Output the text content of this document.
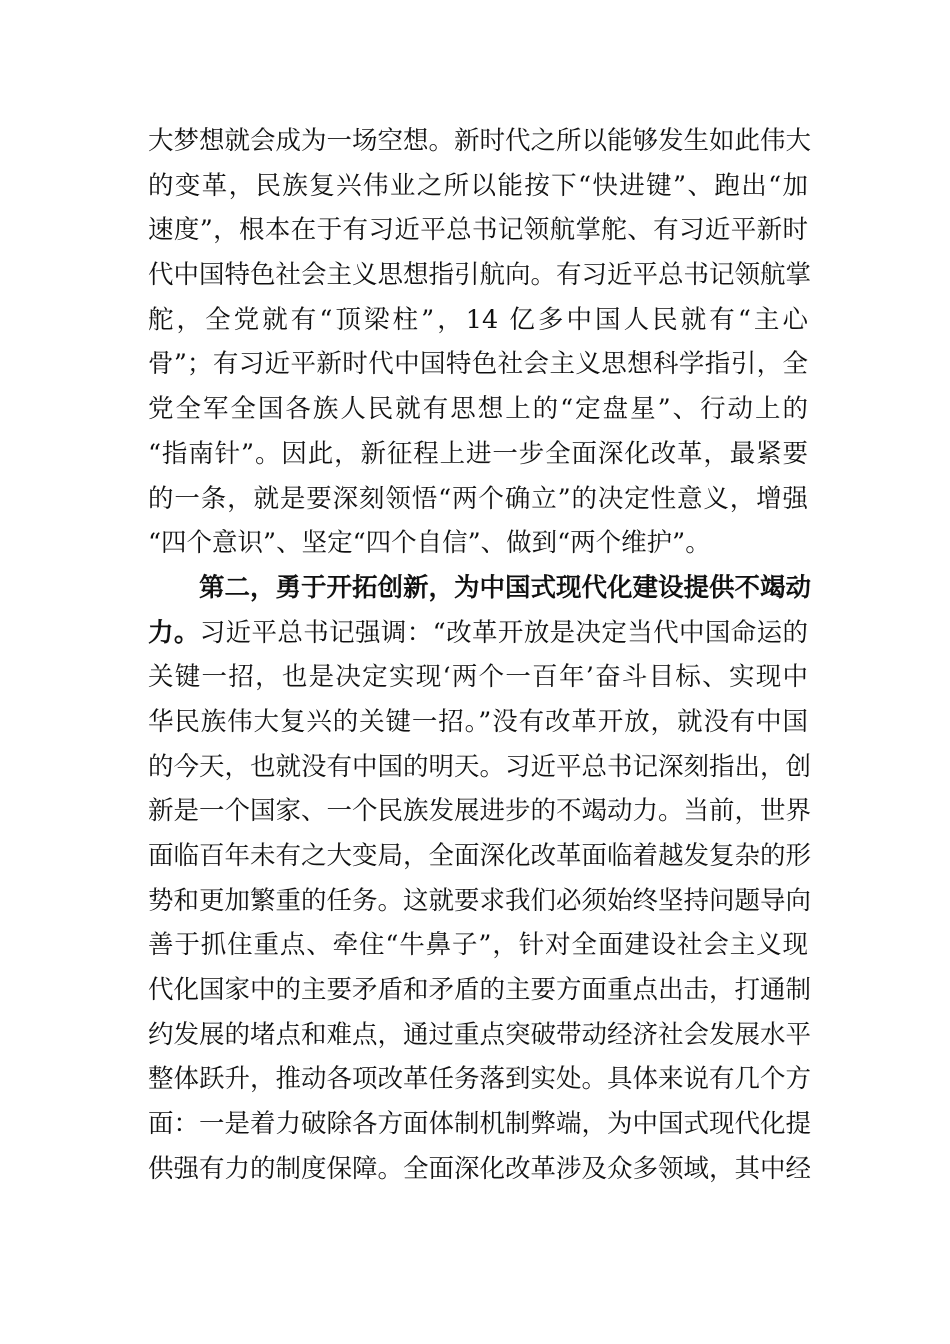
大梦想就会成为一场空想。新时代之所以能够发生如此伟大
的变革，民族复兴伟业之所以能按下“快进键”、跑出“加
速度”，根本在于有习近平总书记领航掌舵、有习近平新时
代中国特色社会主义思想指引航向。有习近平总书记领航掌
舵，全党就有“顶梁柱”，14 亿多中国人民就有“主心
骨”；有习近平新时代中国特色社会主义思想科学指引，全
党全军全国各族人民就有思想上的“定盘星”、行动上的
“指南针”。因此，新征程上进一步全面深化改革，最紧要
的一条，就是要深刻领悟“两个确立”的决定性意义，增强
“四个意识”、坚定“四个自信”、做到“两个维护”。
第二，勇于开拓创新，为中国式现代化建设提供不竭动
力。习近平总书记强调：“改革开放是决定当代中国命运的
关键一招，也是决定实现‘两个一百年’奋斗目标、实现中
华民族伟大复兴的关键一招。”没有改革开放，就没有中国
的今天，也就没有中国的明天。习近平总书记深刻指出，创
新是一个国家、一个民族发展进步的不竭动力。当前，世界
面临百年未有之大变局，全面深化改革面临着越发复杂的形
势和更加繁重的任务。这就要求我们必须始终坚持问题导向
善于抓住重点、牵住“牛鼻子”，针对全面建设社会主义现
代化国家中的主要矛盾和矛盾的主要方面重点出击，打通制
约发展的堵点和难点，通过重点突破带动经济社会发展水平
整体跃升，推动各项改革任务落到实处。具体来说有几个方
面：一是着力破除各方面体制机制弊端，为中国式现代化提
供强有力的制度保障。全面深化改革涉及众多领域，其中经
